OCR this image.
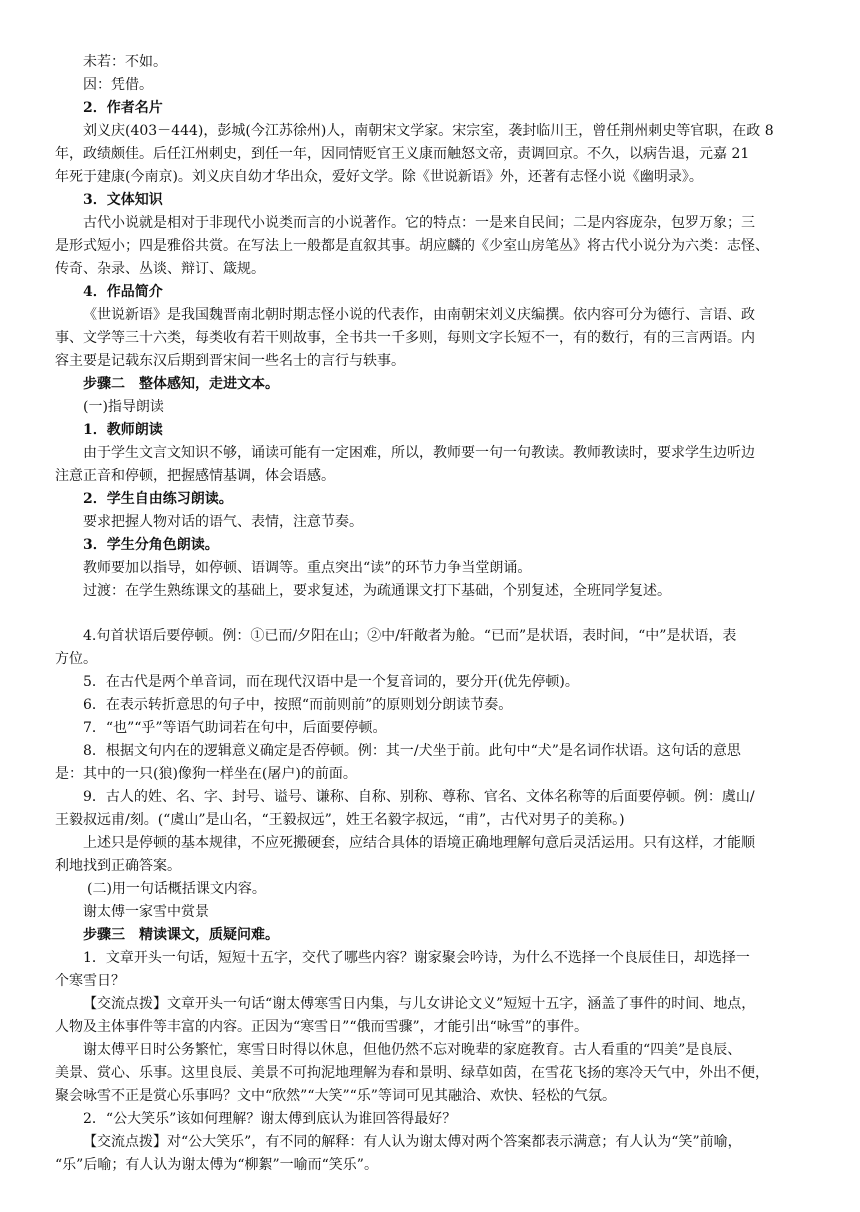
未若：不如。
因：凭借。
2．作者名片
刘义庆(403－444)，彭城(今江苏徐州)人，南朝宋文学家。宋宗室，袭封临川王，曾任荆州刺史等官职，在政 8
年，政绩颇佳。后任江州刺史，到任一年，因同情贬官王义康而触怒文帝，责调回京。不久，以病告退，元嘉 21
年死于建康(今南京)。刘义庆自幼才华出众，爱好文学。除《世说新语》外，还著有志怪小说《幽明录》。
3．文体知识
古代小说就是相对于非现代小说类而言的小说著作。它的特点：一是来自民间；二是内容庞杂，包罗万象；三
是形式短小；四是雅俗共赏。在写法上一般都是直叙其事。胡应麟的《少室山房笔丛》将古代小说分为六类：志怪、
传奇、杂录、丛谈、辩订、箴规。
4．作品简介
《世说新语》是我国魏晋南北朝时期志怪小说的代表作，由南朝宋刘义庆编撰。依内容可分为德行、言语、政
事、文学等三十六类，每类收有若干则故事，全书共一千多则，每则文字长短不一，有的数行，有的三言两语。内
容主要是记载东汉后期到晋宋间一些名士的言行与轶事。
步骤二　整体感知，走进文本。
(一)指导朗读
1．教师朗读
由于学生文言文知识不够，诵读可能有一定困难，所以，教师要一句一句教读。教师教读时，要求学生边听边
注意正音和停顿，把握感情基调，体会语感。
2．学生自由练习朗读。
要求把握人物对话的语气、表情，注意节奏。
3．学生分角色朗读。
教师要加以指导，如停顿、语调等。重点突出“读”的环节力争当堂朗诵。
过渡：在学生熟练课文的基础上，要求复述，为疏通课文打下基础，个别复述，全班同学复述。
4.句首状语后要停顿。例：①已而/夕阳在山；②中/轩敞者为舱。“已而”是状语，表时间，“中”是状语，表
方位。
5．在古代是两个单音词，而在现代汉语中是一个复音词的，要分开(优先停顿)。
6．在表示转折意思的句子中，按照“而前则前”的原则划分朗读节奏。
7．“也”“乎”等语气助词若在句中，后面要停顿。
8．根据文句内在的逻辑意义确定是否停顿。例：其一/犬坐于前。此句中“犬”是名词作状语。这句话的意思
是：其中的一只(狼)像狗一样坐在(屠户)的前面。
9．古人的姓、名、字、封号、谥号、谦称、自称、别称、尊称、官名、文体名称等的后面要停顿。例：虞山/
王毅叔远甫/刻。(“虞山”是山名，“王毅叔远”，姓王名毅字叔远，“甫”，古代对男子的美称。)
上述只是停顿的基本规律，不应死搬硬套，应结合具体的语境正确地理解句意后灵活运用。只有这样，才能顺
利地找到正确答案。
(二)用一句话概括课文内容。
谢太傅一家雪中赏景
步骤三　精读课文，质疑问难。
1．文章开头一句话，短短十五字，交代了哪些内容？谢家聚会吟诗，为什么不选择一个良辰佳日，却选择一
个寒雪日？
【交流点拨】文章开头一句话“谢太傅寒雪日内集，与儿女讲论文义”短短十五字，涵盖了事件的时间、地点，
人物及主体事件等丰富的内容。正因为“寒雪日”“俄而雪骤”，才能引出“咏雪”的事件。
谢太傅平日时公务繁忙，寒雪日时得以休息，但他仍然不忘对晚辈的家庭教育。古人看重的“四美”是良辰、
美景、赏心、乐事。这里良辰、美景不可拘泥地理解为春和景明、绿草如茵，在雪花飞扬的寒冷天气中，外出不便，
聚会咏雪不正是赏心乐事吗？文中“欣然”“大笑”“乐”等词可见其融洽、欢快、轻松的气氛。
2．“公大笑乐”该如何理解？谢太傅到底认为谁回答得最好？
【交流点拨】对“公大笑乐”，有不同的解释：有人认为谢太傅对两个答案都表示满意；有人认为“笑”前喻，
“乐”后喻；有人认为谢太傅为“柳絮”一喻而“笑乐”。
